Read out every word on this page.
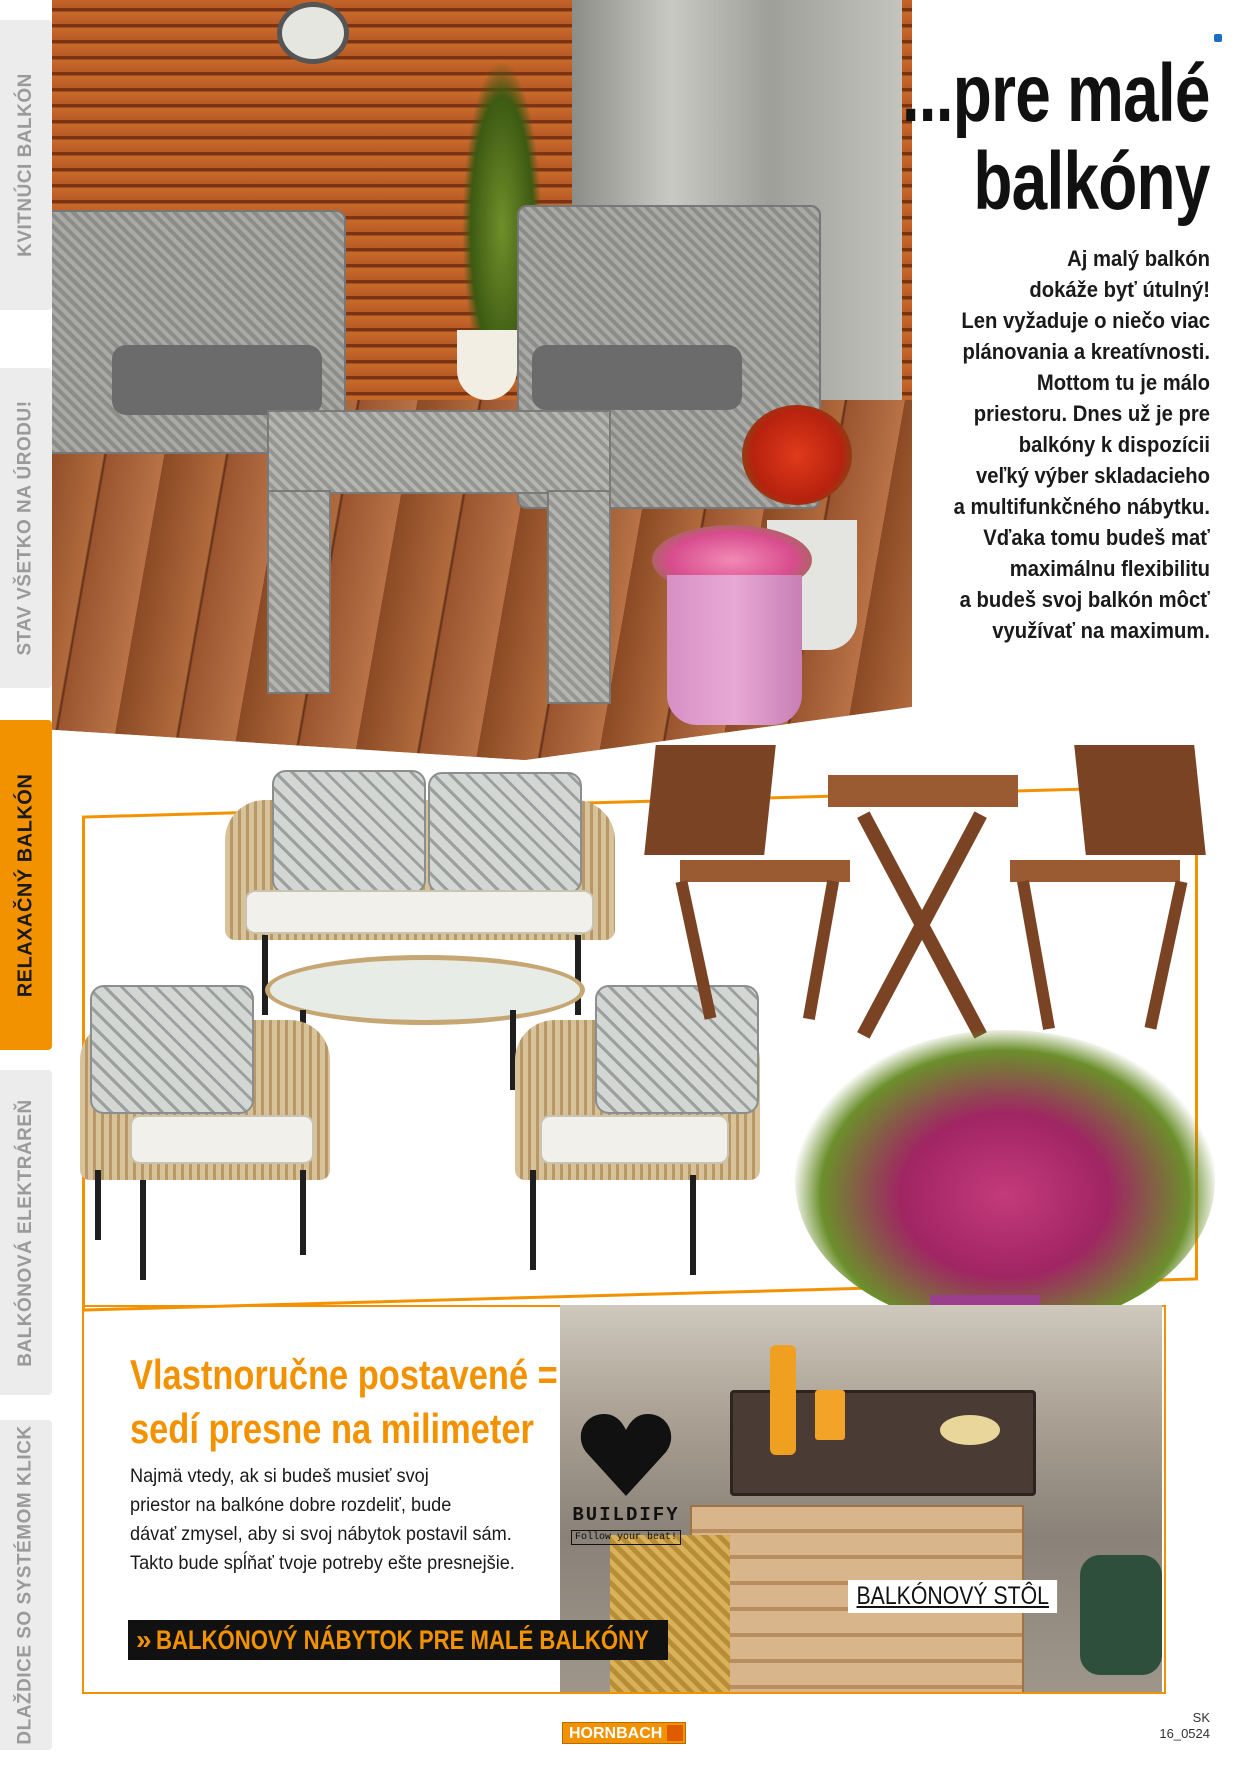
KVITNÚCI BALKÓN
STAV VŠETKO NA ÚRODU!
RELAXAČNÝ BALKÓN
BALKÓNOVÁ ELEKTRÁREŇ
DLAŽDICE SO SYSTÉMOM KLICK
...pre malé
balkóny
Aj malý balkón
dokáže byť útulný!
Len vyžaduje o niečo viac
plánovania a kreatívnosti.
Mottom tu je málo
priestoru. Dnes už je pre
balkóny k dispozícii
veľký výber skladacieho
a multifunkčného nábytku.
Vďaka tomu budeš mať
maximálnu flexibilitu
a budeš svoj balkón môcť
využívať na maximum.
Vlastnoručne postavené =
sedí presne na milimeter
Najmä vtedy, ak si budeš musieť svoj
priestor na balkóne dobre rozdeliť, bude
dávať zmysel, aby si svoj nábytok postavil sám.
Takto bude spĺňať tvoje potreby ešte presnejšie.
BUILDIFY
Follow your beat!
» BALKÓNOVÝ NÁBYTOK PRE MALÉ BALKÓNY
BALKÓNOVÝ STÔL
HORNBACH
SK
16_0524
